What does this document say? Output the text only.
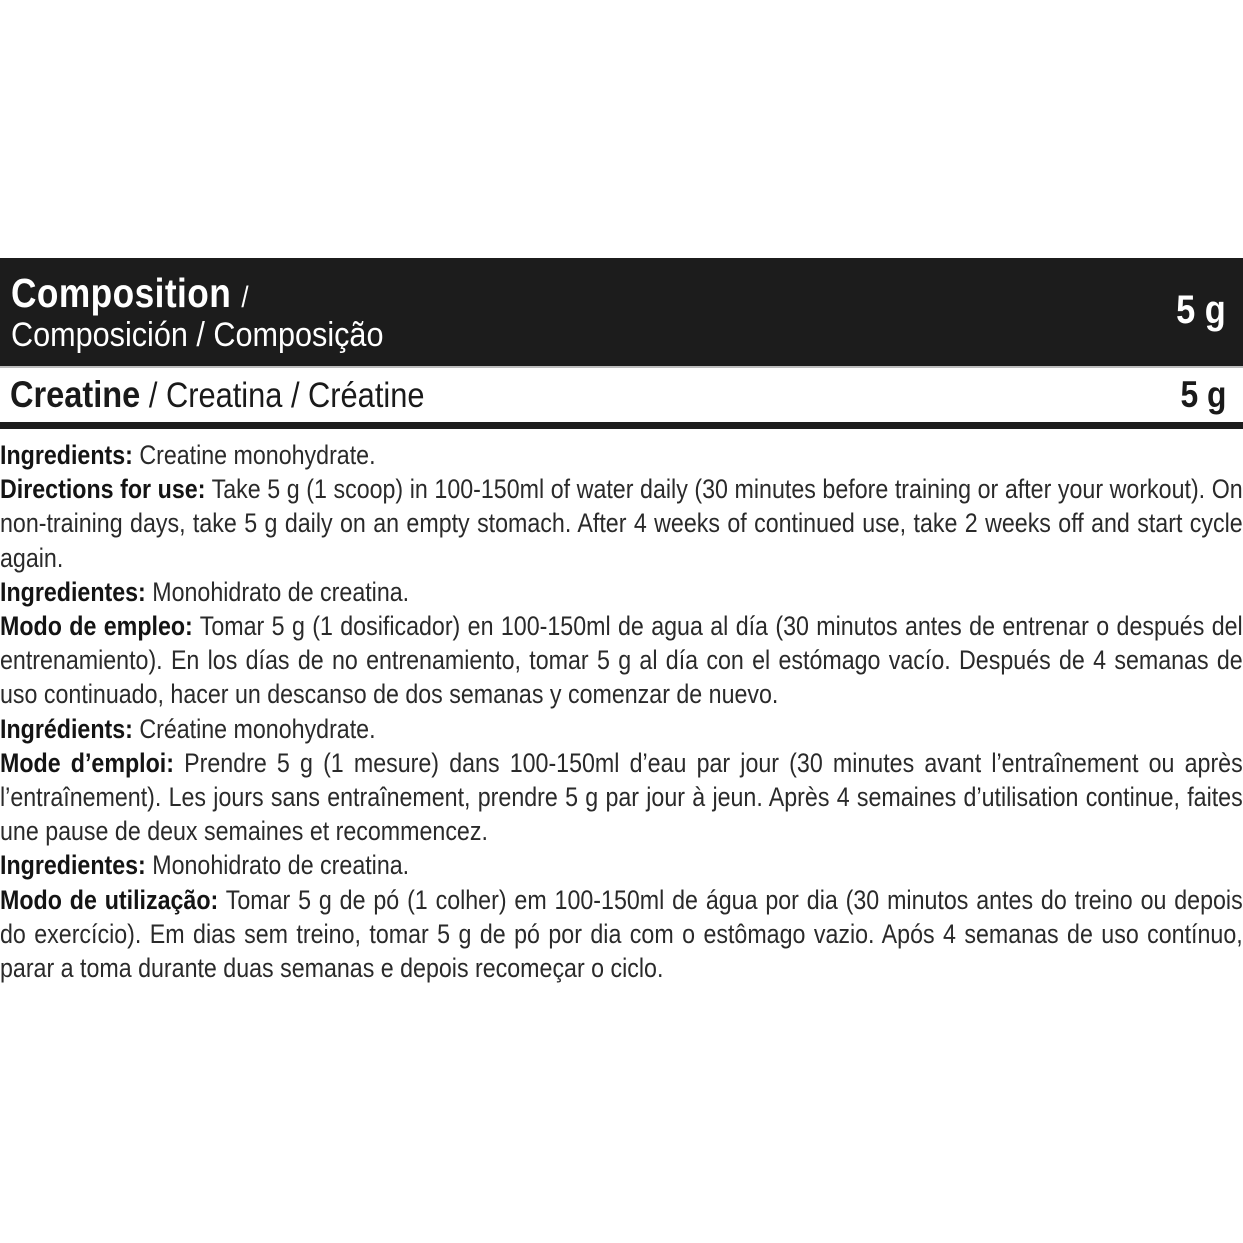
Composition /
Composición / Composição
5 g
Creatine / Creatina / Créatine	5 g

Ingredients: Creatine monohydrate.

Directions for use: Take 5 g (1 scoop) in 100-150ml of water daily (30 minutes before training or after your workout). On non-training days, take 5 g daily on an empty stomach. After 4 weeks of continued use, take 2 weeks off and start cycle again.

Ingredientes: Monohidrato de creatina.

Modo de empleo: Tomar 5 g (1 dosificador) en 100-150ml de agua al día (30 minutos antes de entrenar o después del entrenamiento). En los días de no entrenamiento, tomar 5 g al día con el estómago vacío. Después de 4 semanas de uso continuado, hacer un descanso de dos semanas y comenzar de nuevo.

Ingrédients: Créatine monohydrate.

Mode d’emploi: Prendre 5 g (1 mesure) dans 100-150ml d’eau par jour (30 minutes avant l’entraînement ou après l’entraînement). Les jours sans entraînement, prendre 5 g par jour à jeun. Après 4 semaines d’utilisation continue, faites une pause de deux semaines et recommencez.

Ingredientes: Monohidrato de creatina.

Modo de utilização: Tomar 5 g de pó (1 colher) em 100-150ml de água por dia (30 minutos antes do treino ou depois do exercício). Em dias sem treino, tomar 5 g de pó por dia com o estômago vazio. Após 4 semanas de uso contínuo, parar a toma durante duas semanas e depois recomeçar o ciclo.
